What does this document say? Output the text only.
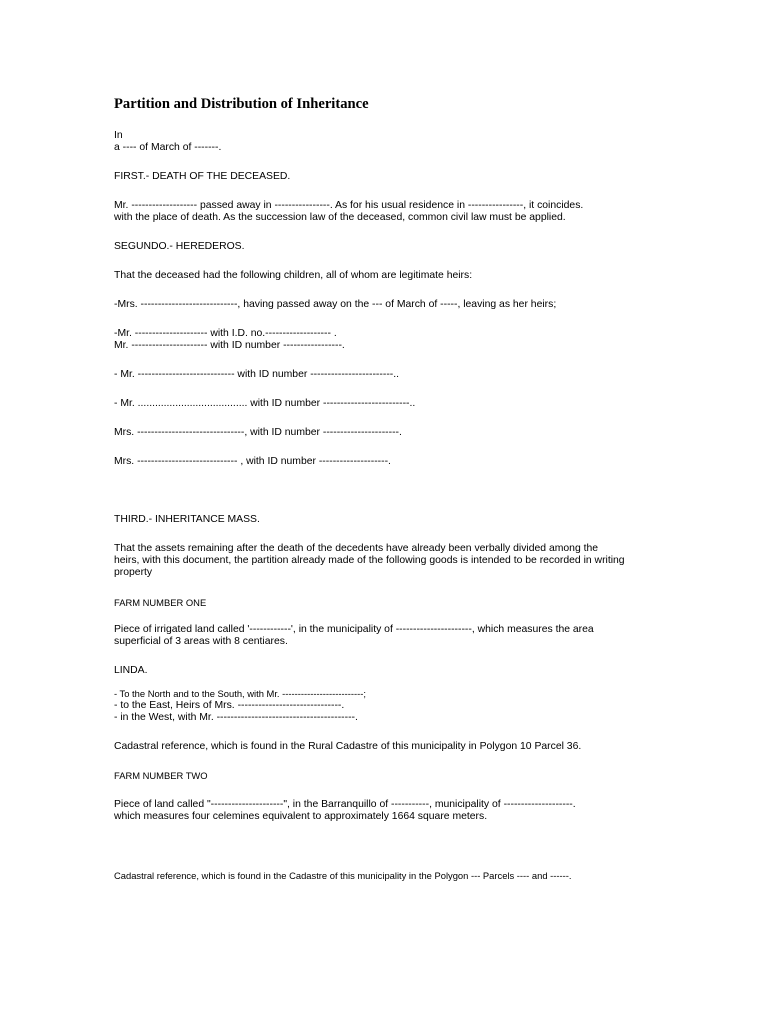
Partition and Distribution of Inheritance

In

a ---- of March of -------.

FIRST.- DEATH OF THE DECEASED.

Mr. ------------------- passed away in ----------------. As for his usual residence in ----------------, it coincides.

with the place of death. As the succession law of the deceased, common civil law must be applied.

SEGUNDO.- HEREDEROS.

That the deceased had the following children, all of whom are legitimate heirs:

-Mrs. ----------------------------, having passed away on the --- of March of -----, leaving as her heirs;

-Mr. --------------------- with I.D. no.------------------- .

Mr. ---------------------- with ID number -----------------.

- Mr. ---------------------------- with ID number ------------------------..

- Mr. ...................................... with ID number -------------------------..

Mrs. -------------------------------, with ID number ----------------------.

Mrs. ----------------------------- , with ID number --------------------.

THIRD.- INHERITANCE MASS.

That the assets remaining after the death of the decedents have already been verbally divided among the

heirs, with this document, the partition already made of the following goods is intended to be recorded in writing

property

FARM NUMBER ONE

Piece of irrigated land called '------------', in the municipality of ----------------------, which measures the area

superficial of 3 areas with 8 centiares.

LINDA.

- To the North and to the South, with Mr. --------------------------;

- to the East, Heirs of Mrs. ------------------------------.

- in the West, with Mr. ----------------------------------------.

Cadastral reference, which is found in the Rural Cadastre of this municipality in Polygon 10 Parcel 36.

FARM NUMBER TWO

Piece of land called "---------------------", in the Barranquillo of -----------, municipality of --------------------.

which measures four celemines equivalent to approximately 1664 square meters.

Cadastral reference, which is found in the Cadastre of this municipality in the Polygon --- Parcels ---- and ------.
